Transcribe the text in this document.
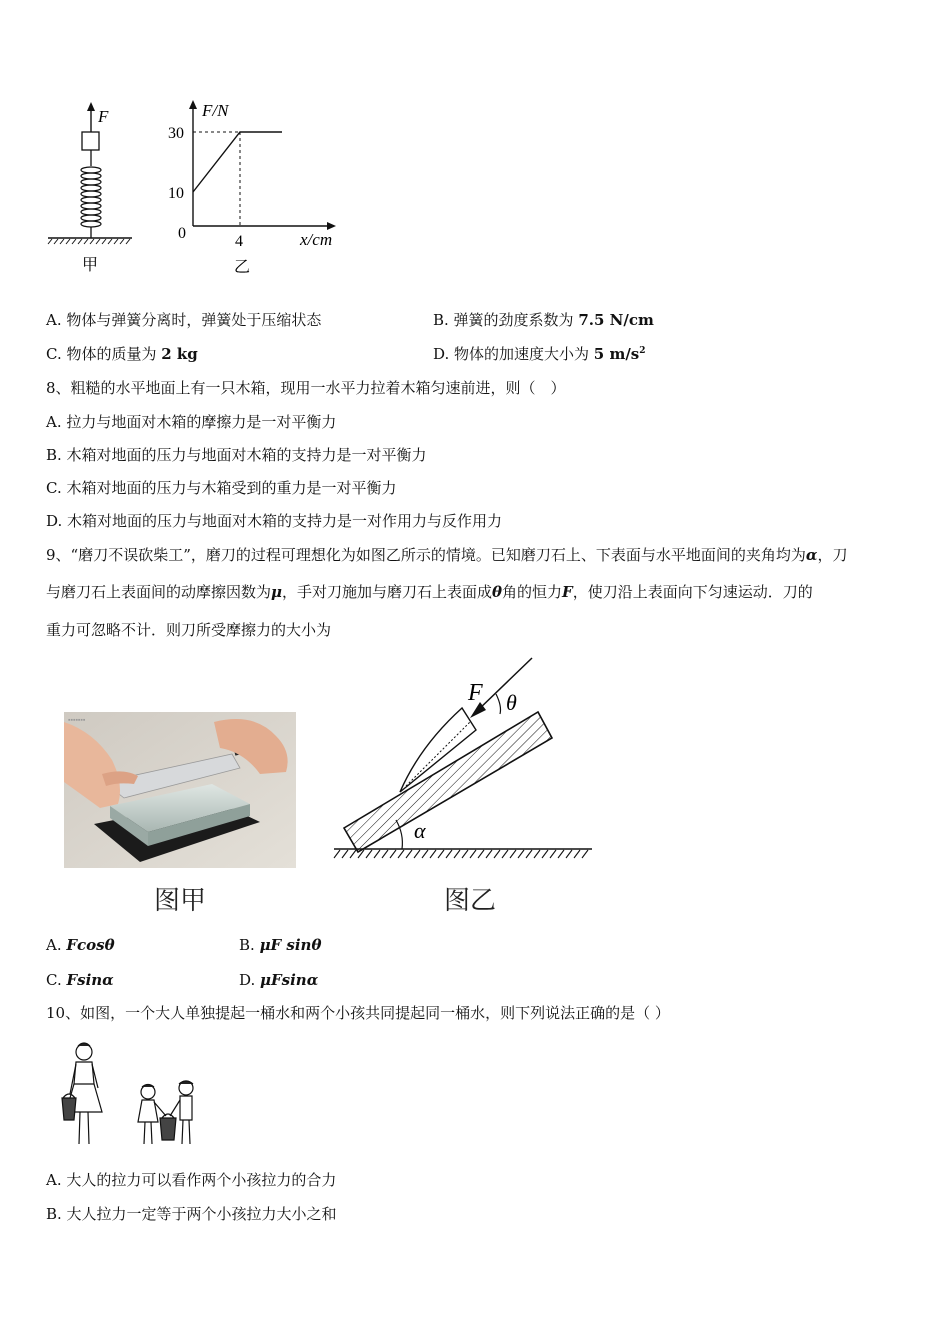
F
甲
F/N
x/cm
30
10
0	4
乙
A. 物体与弹簧分离时，弹簧处于压缩状态	B. 弹簧的劲度系数为 7.5 N/cm
C. 物体的质量为 2 kg	D. 物体的加速度大小为 5 $m/s^2$
8、粗糙的水平地面上有一只木箱，现用一水平力拉着木箱匀速前进，则（　）
A. 拉力与地面对木箱的摩擦力是一对平衡力
B. 木箱对地面的压力与地面对木箱的支持力是一对平衡力
C. 木箱对地面的压力与木箱受到的重力是一对平衡力
D. 木箱对地面的压力与地面对木箱的支持力是一对作用力与反作用力
9、“磨刀不误砍柴工”，磨刀的过程可理想化为如图乙所示的情境。已知磨刀石上、下表面与水平地面间的夹角均为α，刀
与磨刀石上表面间的动摩擦因数为μ，手对刀施加与磨刀石上表面成θ角的恒力F，使刀沿上表面向下匀速运动．刀的
重力可忽略不计．则刀所受摩擦力的大小为
▪▪▪▪▪▪▪
图甲
F θ
α
图乙
A. Fcosθ	B. μF sinθ
C. Fsinα	D. μFsinα
10、如图，一个大人单独提起一桶水和两个小孩共同提起同一桶水，则下列说法正确的是（ ）
A. 大人的拉力可以看作两个小孩拉力的合力
B. 大人拉力一定等于两个小孩拉力大小之和
